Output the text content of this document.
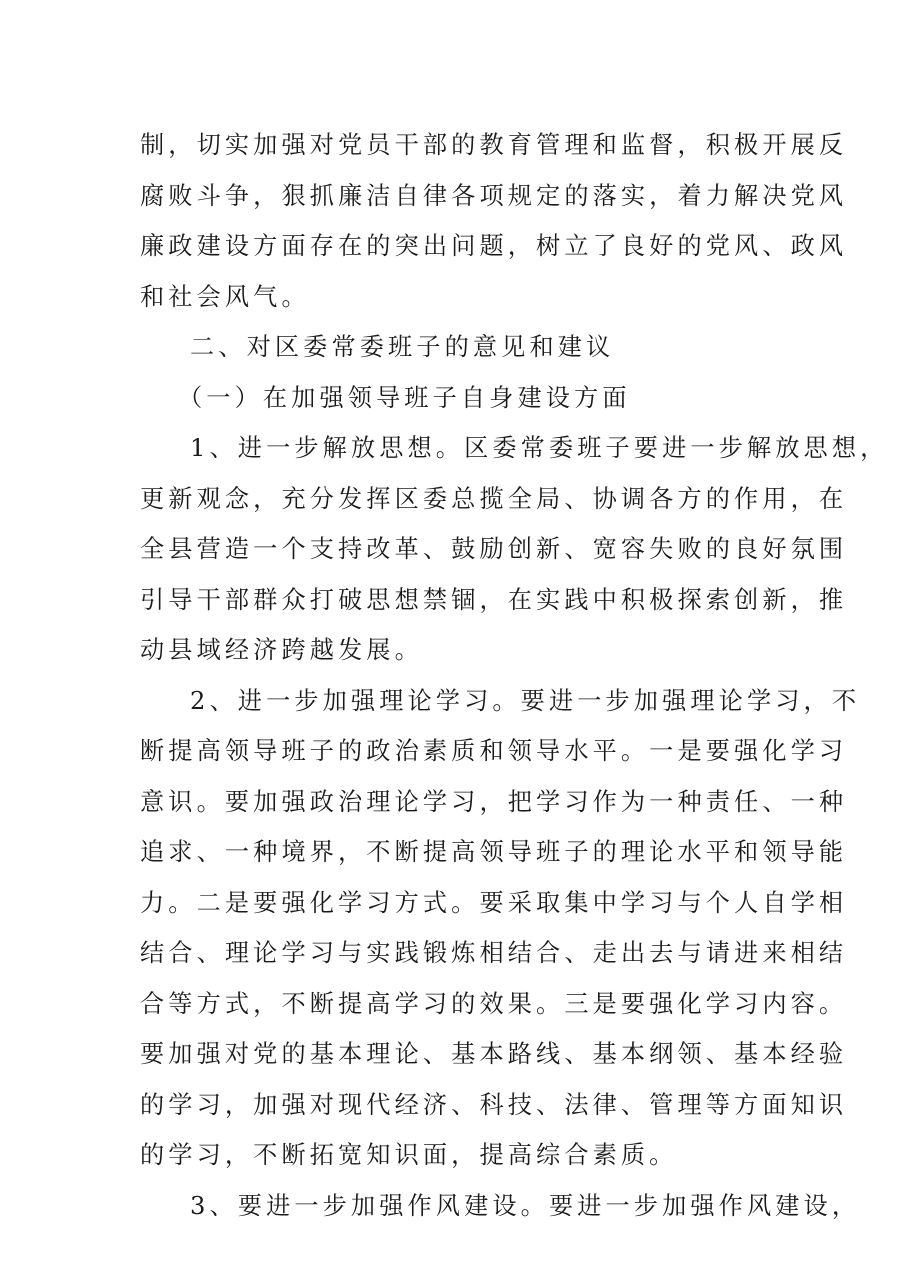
制，切实加强对党员干部的教育管理和监督，积极开展反
腐败斗争，狠抓廉洁自律各项规定的落实，着力解决党风
廉政建设方面存在的突出问题，树立了良好的党风、政风
和社会风气。
二、对区委常委班子的意见和建议
（一）在加强领导班子自身建设方面
1、进一步解放思想。区委常委班子要进一步解放思想，
更新观念，充分发挥区委总揽全局、协调各方的作用，在
全县营造一个支持改革、鼓励创新、宽容失败的良好氛围
引导干部群众打破思想禁锢，在实践中积极探索创新，推
动县域经济跨越发展。
2、进一步加强理论学习。要进一步加强理论学习，不
断提高领导班子的政治素质和领导水平。一是要强化学习
意识。要加强政治理论学习，把学习作为一种责任、一种
追求、一种境界，不断提高领导班子的理论水平和领导能
力。二是要强化学习方式。要采取集中学习与个人自学相
结合、理论学习与实践锻炼相结合、走出去与请进来相结
合等方式，不断提高学习的效果。三是要强化学习内容。
要加强对党的基本理论、基本路线、基本纲领、基本经验
的学习，加强对现代经济、科技、法律、管理等方面知识
的学习，不断拓宽知识面，提高综合素质。
3、要进一步加强作风建设。要进一步加强作风建设，
